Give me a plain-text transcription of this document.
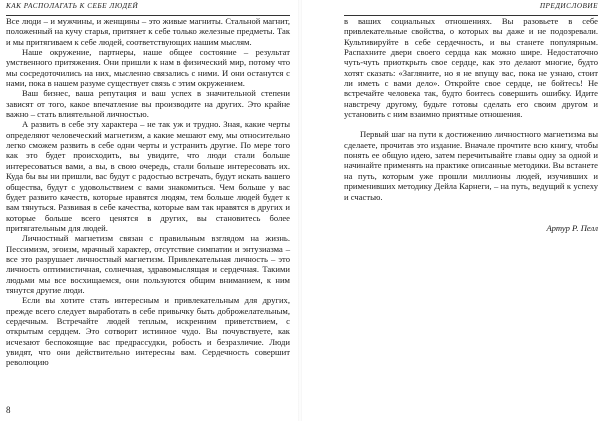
КАК РАСПОЛАГАТЬ К СЕБЕ ЛЮДЕЙ

Все люди – и мужчины, и женщины – это живые магниты. Стальной магнит, положенный на кучу старья, притянет к себе только железные предметы. Так и мы притягиваем к себе людей, соответствующих нашим мыслям.

Наше окружение, партнеры, наше общее состояние – результат умственного притяжения. Они пришли к нам в физический мир, потому что мы сосредоточились на них, мысленно связались с ними. И они останутся с нами, пока в нашем разуме существует связь с этим окружением.

Ваш бизнес, ваша репутация и ваш успех в значительной степени зависят от того, какое впечатление вы производите на других. Это крайне важно – стать влиятельной личностью.

А развить в себе эту характера – не так уж и трудно. Зная, какие черты определяют человеческий магнетизм, а какие мешают ему, мы относительно легко сможем развить в себе одни черты и устранить другие. По мере того как это будет происходить, вы увидите, что люди стали больше интересоваться вами, а вы, в свою очередь, стали больше интересовать их. Куда бы вы ни пришли, вас будут с радостью встречать, будут искать вашего общества, будут с удовольствием с вами знакомиться. Чем больше у вас будет развито качеств, которые нравятся людям, тем больше людей будет к вам тянуться. Развивая в себе качества, которые вам так нравятся в других и которые больше всего ценятся в других, вы становитесь более притягательным для людей.

Личностный магнетизм связан с правильным взглядом на жизнь. Пессимизм, эгоизм, мрачный характер, отсутствие симпатии и энтузиазма – все это разрушает личностный магнетизм. Привлекательная личность – это личность оптимистичная, солнечная, здравомыслящая и сердечная. Такими людьми мы все восхищаемся, они пользуются общим вниманием, к ним тянутся другие люди.

Если вы хотите стать интересным и привлекательным для других, прежде всего следует выработать в себе привычку быть доброжелательным, сердечным. Встречайте людей теплым, искренним приветствием, с открытым сердцем. Это сотворит истинное чудо. Вы почувствуете, как исчезают беспокоящие вас предрассудки, робость и безразличие. Люди увидят, что они действительно интересны вам. Сердечность совершит революцию

8
ПРЕДИСЛОВИЕ

в ваших социальных отношениях. Вы разовьете в себе привлекательные свойства, о которых вы даже и не подозревали. Культивируйте в себе сердечность, и вы станете популярным. Распахните двери своего сердца как можно шире. Недостаточно чуть-чуть приоткрыть свое сердце, как это делают многие, будто хотят сказать: «Загляните, но я не впущу вас, пока не узнаю, стоит ли иметь с вами дело». Откройте свое сердце, не бойтесь! Не встречайте человека так, будто боитесь совершить ошибку. Идите навстречу другому, будьте готовы сделать его своим другом и установить с ним взаимно приятные отношения.

Первый шаг на пути к достижению личностного магнетизма вы сделаете, прочитав это издание. Вначале прочтите всю книгу, чтобы понять ее общую идею, затем перечитывайте главы одну за одной и начинайте применять на практике описанные методики. Вы встанете на путь, которым уже прошли миллионы людей, изучивших и применивших методику Дейла Карнеги, – на путь, ведущий к успеху и счастью.

Артур Р. Пелл
